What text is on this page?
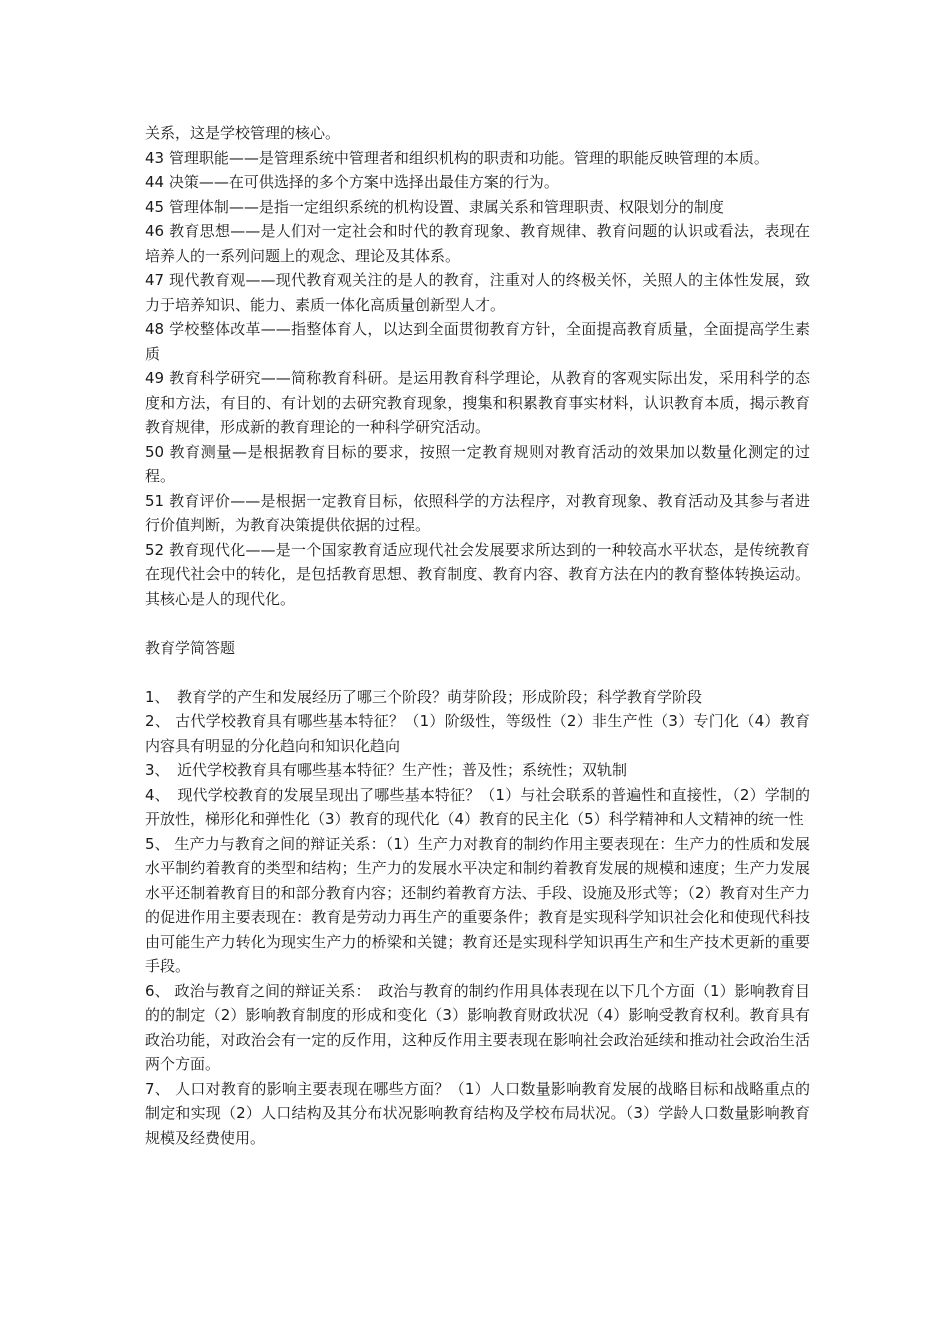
关系，这是学校管理的核心。

43 管理职能——是管理系统中管理者和组织机构的职责和功能。管理的职能反映管理的本质。

44 决策——在可供选择的多个方案中选择出最佳方案的行为。

45 管理体制——是指一定组织系统的机构设置、隶属关系和管理职责、权限划分的制度

46 教育思想——是人们对一定社会和时代的教育现象、教育规律、教育问题的认识或看法，表现在培养人的一系列问题上的观念、理论及其体系。

47 现代教育观——现代教育观关注的是人的教育，注重对人的终极关怀，关照人的主体性发展，致力于培养知识、能力、素质一体化高质量创新型人才。

48 学校整体改革——指整体育人，以达到全面贯彻教育方针，全面提高教育质量，全面提高学生素质

49 教育科学研究——简称教育科研。是运用教育科学理论，从教育的客观实际出发，采用科学的态度和方法，有目的、有计划的去研究教育现象，搜集和积累教育事实材料，认识教育本质，揭示教育教育规律，形成新的教育理论的一种科学研究活动。

50 教育测量—是根据教育目标的要求，按照一定教育规则对教育活动的效果加以数量化测定的过程。

51 教育评价——是根据一定教育目标，依照科学的方法程序，对教育现象、教育活动及其参与者进行价值判断，为教育决策提供依据的过程。

52 教育现代化——是一个国家教育适应现代社会发展要求所达到的一种较高水平状态，是传统教育在现代社会中的转化，是包括教育思想、教育制度、教育内容、教育方法在内的教育整体转换运动。其核心是人的现代化。

教育学简答题

1、　教育学的产生和发展经历了哪三个阶段？萌芽阶段；形成阶段；科学教育学阶段

2、 古代学校教育具有哪些基本特征？（1）阶级性，等级性（2）非生产性（3）专门化（4）教育内容具有明显的分化趋向和知识化趋向

3、　近代学校教育具有哪些基本特征？生产性；普及性；系统性；双轨制

4、　现代学校教育的发展呈现出了哪些基本特征？（1）与社会联系的普遍性和直接性，（2）学制的开放性，梯形化和弹性化（3）教育的现代化（4）教育的民主化（5）科学精神和人文精神的统一性

5、 生产力与教育之间的辩证关系：（1）生产力对教育的制约作用主要表现在：生产力的性质和发展水平制约着教育的类型和结构；生产力的发展水平决定和制约着教育发展的规模和速度；生产力发展水平还制着教育目的和部分教育内容；还制约着教育方法、手段、设施及形式等；（2）教育对生产力的促进作用主要表现在：教育是劳动力再生产的重要条件；教育是实现科学知识社会化和使现代科技由可能生产力转化为现实生产力的桥梁和关键；教育还是实现科学知识再生产和生产技术更新的重要手段。

6、 政治与教育之间的辩证关系：　政治与教育的制约作用具体表现在以下几个方面（1）影响教育目的的制定（2）影响教育制度的形成和变化（3）影响教育财政状况（4）影响受教育权利。教育具有政治功能，对政治会有一定的反作用，这种反作用主要表现在影响社会政治延续和推动社会政治生活两个方面。

7、 人口对教育的影响主要表现在哪些方面？（1）人口数量影响教育发展的战略目标和战略重点的制定和实现（2）人口结构及其分布状况影响教育结构及学校布局状况。（3）学龄人口数量影响教育规模及经费使用。
